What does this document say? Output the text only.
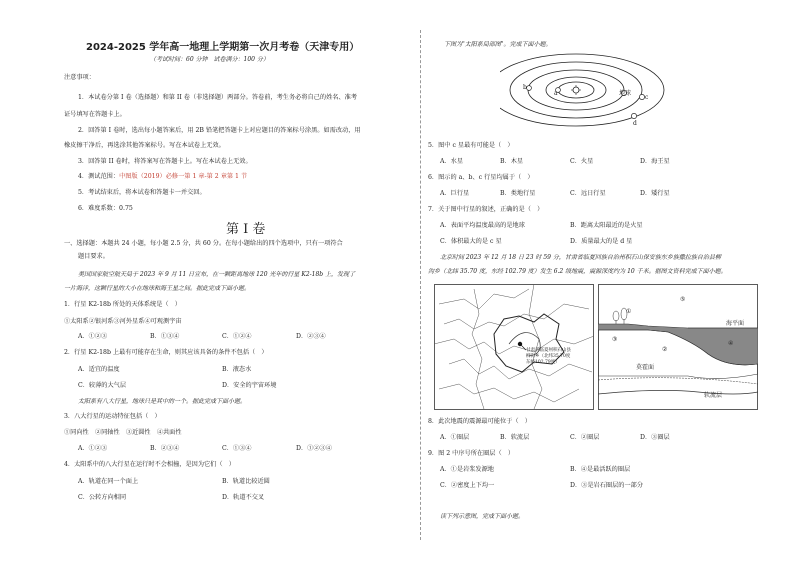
2024-2025 学年高一地理上学期第一次月考卷（天津专用）
（考试时间：60 分钟　试卷满分：100 分）
注意事项：
1．本试卷分第 I 卷（选择题）和第 II 卷（非选择题）两部分。答卷前，考生务必将自己的姓名、准考
证号填写在答题卡上。
2．回答第 I 卷时，选出每小题答案后，用 2B 铅笔把答题卡上对应题目的答案标号涂黑。如需改动，用
橡皮擦干净后，再选涂其他答案标号。写在本试卷上无效。
3．回答第 II 卷时，将答案写在答题卡上。写在本试卷上无效。
4．测试范围：中图版（2019）必修一第 1 章-第 2 章第 1 节
5．考试结束后，将本试卷和答题卡一并交回。
6．难度系数：0.75
第 I 卷
一、选择题：本题共 24 小题，每小题 2.5 分，共 60 分。在每小题给出的四个选项中，只有一项符合
题目要求。
美国国家航空航天局于 2023 年 9 月 11 日宣布，在一颗距离地球 120 光年的行星 K2-18b 上，发现了
一片海洋，这颗行星的大小在地球和海王星之间。据此完成下面小题。
1．行星 K2-18b 所处的天体系统是（　）
①太阳系②银河系③河外星系④可观测宇宙
A．①②③	B．①③④	C．①②④	D．②③④
2．行星 K2-18b 上最有可能存在生命，则其应该具备的条件不包括（　）
A．适宜的温度	B．液态水
C．较薄的大气层	D．安全的宇宙环境
太阳系有八大行星，地球只是其中的一个。据此完成下面小题。
3．八大行星的运动特征包括（　）
①同向性　 ②同轴性　 ③近圆性　 ④共面性
A．①②③	B．②③④	C．①③④	D．①②③④
4．太阳系中的八大行星在运行时不会相撞，是因为它们（　）
A．轨道在同一个面上	B．轨道比较近圆
C．公转方向相同	D．轨道不交叉
下图为"太阳系局部图"。完成下面小题。
b
a	地球
c
d
5．图中 c 星最有可能是（　）
A．水星	B．木星	C．火星	D．海王星
6．图示的 a、b、c 行星均属于（　）
A．巨行星	B．类地行星	C．远日行星	D．矮行星
7．关于图中行星的叙述，正确的是（　）
A．表面平均温度最高的是地球	B．距离太阳最近的是火星
C．体积最大的是 c 星	D．质量最大的是 d 星
北京时间 2023 年 12 月 18 日 23 时 59 分，甘肃省临夏回族自治州积石山保安族东乡族撒拉族自治县柳
沟乡（北纬 35.70 度，东经 102.79 度）发生 6.2 级地震，震源深度约为 10 千米。据图文资料完成下面小题。
甘肃省临夏州积石山县
柳沟乡（北纬35.70度
东经102.79度）
海平面
莫霍面
软流层
①
②
③
④
⑤
8．此次地震的震源最可能位于（　）
A．①圈层	B．软流层	C．②圈层	D．③圈层
9．图 2 中序号所在圈层（　）
A．①是岩浆发源地	B．④是最活跃的圈层
C．②密度上下均一	D．③是岩石圈层的一部分
读下列示意图，完成下面小题。
